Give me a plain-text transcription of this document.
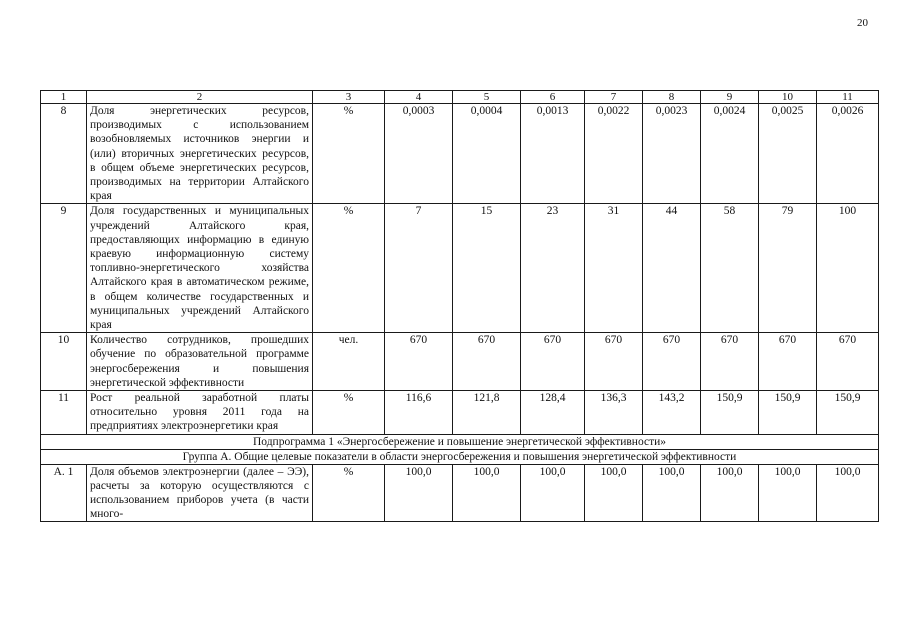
20
1	2	3	4	5	6	7	8	9	10	11
8	Доля энергетических ресурсов, производимых с использованием возобновляемых источников энергии и (или) вторичных энергетических ресурсов, в общем объеме энергетических ресурсов, производимых на территории Алтайского края	%	0,0003	0,0004	0,0013	0,0022	0,0023	0,0024	0,0025	0,0026
9	Доля государственных и муниципальных учреждений Алтайского края, предоставляющих информацию в единую краевую информационную систему топливно-энергетического хозяйства Алтайского края в автоматическом режиме, в общем количестве государственных и муниципальных учреждений Алтайского края	%	7	15	23	31	44	58	79	100
10	Количество сотрудников, прошедших обучение по образовательной программе энергосбережения и повышения энергетической эффективности	чел.	670	670	670	670	670	670	670	670
11	Рост реальной заработной платы относительно уровня 2011 года на предприятиях электроэнергетики края	%	116,6	121,8	128,4	136,3	143,2	150,9	150,9	150,9
Подпрограмма 1 «Энергосбережение и повышение энергетической эффективности»										
Группа А. Общие целевые показатели в области энергосбережения и повышения энергетической эффективности										
А. 1	Доля объемов электроэнергии (далее – ЭЭ), расчеты за которую осуществляются с использованием приборов учета (в части много-	%	100,0	100,0	100,0	100,0	100,0	100,0	100,0	100,0
